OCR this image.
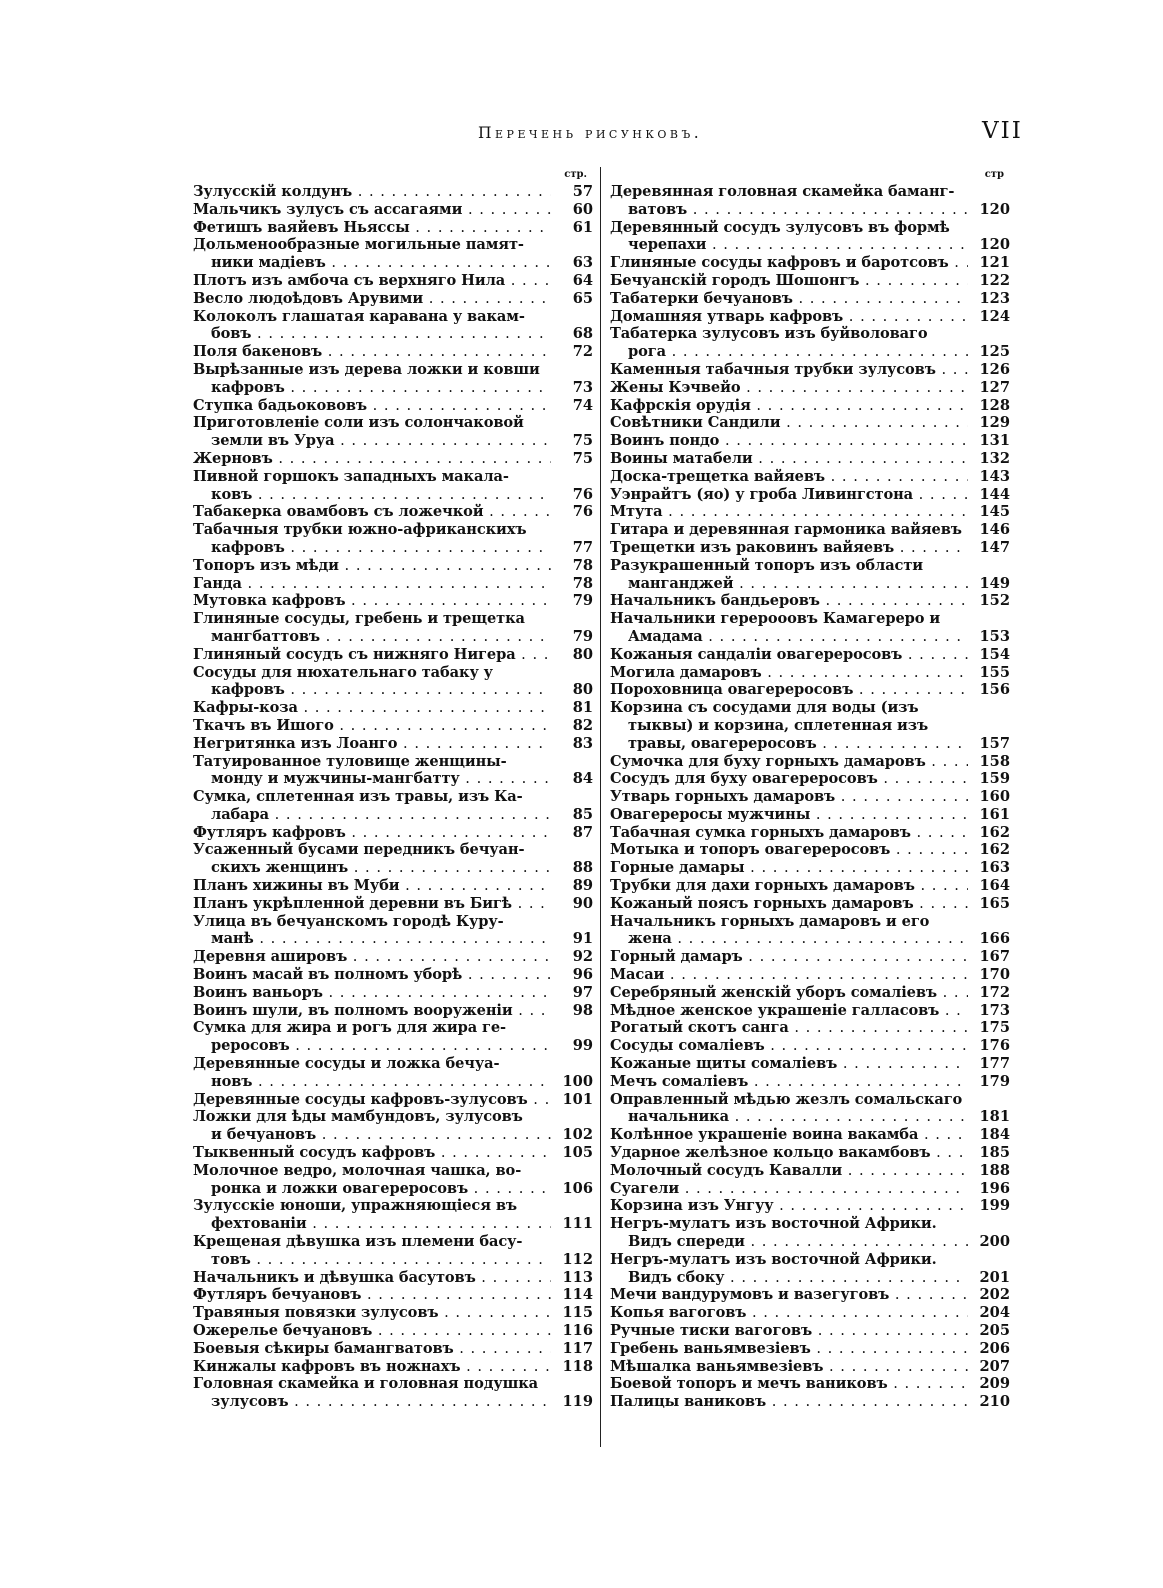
Перечень рисунковъ.	VII
стр.
Зулусскій колдунъ . . .	57
Мальчикъ зулусъ съ ассагаями . . .	60
Фетишъ ваяйевъ Ньяссы . . .	61
Дольменообразные могильные памят-
ники мадіевъ . . .	63
Плотъ изъ амбоча съ верхняго Нила . . .	64
Весло людоѣдовъ Арувими . . .	65
Колоколъ глашатая каравана у вакам-
бовъ . . .	68
Поля бакеновъ . . .	72
Вырѣзанные изъ дерева ложки и ковши
кафровъ . . .	73
Ступка бадьокововъ . . .	74
Приготовленіе соли изъ солончаковой
земли въ Уруа . . .	75
Жерновъ . . .	75
Пивной горшокъ западныхъ макала-
ковъ . . .	76
Табакерка овамбовъ съ ложечкой . . .	76
Табачныя трубки южно-африканскихъ
кафровъ . . .	77
Топоръ изъ мѣди . . .	78
Ганда . . .	78
Мутовка кафровъ . . .	79
Глиняные сосуды, гребень и трещетка
мангбаттовъ . . .	79
Глиняный сосудъ съ нижняго Нигера . . .	80
Сосуды для нюхательнаго табаку у
кафровъ . . .	80
Кафры-коза . . .	81
Ткачъ въ Ишого . . .	82
Негритянка изъ Лоанго . . .	83
Татуированное туловище женщины-
монду и мужчины-мангбатту . . .	84
Сумка, сплетенная изъ травы, изъ Ка-
лабара . . .	85
Футляръ кафровъ . . .	87
Усаженный бусами передникъ бечуан-
скихъ женщинъ . . .	88
Планъ хижины въ Муби . . .	89
Планъ укрѣпленной деревни въ Бигѣ . . .	90
Улица въ бечуанскомъ городѣ Куру-
манѣ . . .	91
Деревня ашировъ . . .	92
Воинъ масай въ полномъ уборѣ . . .	96
Воинъ ваньоръ . . .	97
Воинъ шули, въ полномъ вооруженіи . . .	98
Сумка для жира и рогъ для жира ге-
реросовъ . . .	99
Деревянные сосуды и ложка бечуа-
новъ . . .	100
Деревянные сосуды кафровъ-зулусовъ . . .	101
Ложки для ѣды мамбундовъ, зулусовъ
и бечуановъ . . .	102
Тыквенный сосудъ кафровъ . . .	105
Молочное ведро, молочная чашка, во-
ронка и ложки овагереросовъ . . .	106
Зулусскіе юноши, упражняющіеся въ
фехтованіи . . .	111
Крещеная дѣвушка изъ племени басу-
товъ . . .	112
Начальникъ и дѣвушка басутовъ . . .	113
Футляръ бечуановъ . . .	114
Травяныя повязки зулусовъ . . .	115
Ожерелье бечуановъ . . .	116
Боевыя сѣкиры бамангватовъ . . .	117
Кинжалы кафровъ въ ножнахъ . . .	118
Головная скамейка и головная подушка
зулусовъ . . .	119
стр
Деревянная головная скамейка баманг-
ватовъ . . .	120
Деревянный сосудъ зулусовъ въ формѣ
черепахи . . .	120
Глиняные сосуды кафровъ и баротсовъ . . .	121
Бечуанскій городъ Шошонгъ . . .	122
Табатерки бечуановъ . . .	123
Домашняя утварь кафровъ . . .	124
Табатерка зулусовъ изъ буйволоваго
рога . . .	125
Каменныя табачныя трубки зулусовъ . . .	126
Жены Кэчвейо . . .	127
Кафрскія орудія . . .	128
Совѣтники Сандили . . .	129
Воинъ пондо . . .	131
Воины матабели . . .	132
Доска-трещетка вайяевъ . . .	143
Уэнрайтъ (яо) у гроба Ливингстона . . .	144
Мтута . . .	145
Гитара и деревянная гармоника вайяевъ . . .	146
Трещетки изъ раковинъ вайяевъ . . .	147
Разукрашенный топоръ изъ области
манганджей . . .	149
Начальникъ бандьеровъ . . .	152
Начальники герерооовъ Камагереро и
Амадама . . .	153
Кожаныя сандаліи овагереросовъ . . .	154
Могила дамаровъ . . .	155
Пороховница овагереросовъ . . .	156
Корзина съ сосудами для воды (изъ
тыквы) и корзина, сплетенная изъ
травы, овагереросовъ . . .	157
Сумочка для буху горныхъ дамаровъ . . .	158
Сосудъ для буху овагереросовъ . . .	159
Утварь горныхъ дамаровъ . . .	160
Овагереросы мужчины . . .	161
Табачная сумка горныхъ дамаровъ . . .	162
Мотыка и топоръ овагереросовъ . . .	162
Горные дамары . . .	163
Трубки для дахи горныхъ дамаровъ . . .	164
Кожаный поясъ горныхъ дамаровъ . . .	165
Начальникъ горныхъ дамаровъ и его
жена . . .	166
Горный дамаръ . . .	167
Масаи . . .	170
Серебряный женскій уборъ сомаліевъ . . .	172
Мѣдное женское украшеніе галласовъ . . .	173
Рогатый скотъ санга . . .	175
Сосуды сомаліевъ . . .	176
Кожаные щиты сомаліевъ . . .	177
Мечъ сомаліевъ . . .	179
Оправленный мѣдью жезлъ сомальскаго
начальника . . .	181
Колѣнное украшеніе воина вакамба . . .	184
Ударное желѣзное кольцо вакамбовъ . . .	185
Молочный сосудъ Кавалли . . .	188
Суагели . . .	196
Корзина изъ Унгуу . . .	199
Негръ-мулатъ изъ восточной Африки.
Видъ спереди . . .	200
Негръ-мулатъ изъ восточной Африки.
Видъ сбоку . . .	201
Мечи вандурумовъ и вазегуговъ . . .	202
Копья вагоговъ . . .	204
Ручные тиски вагоговъ . . .	205
Гребень ваньямвезіевъ . . .	206
Мѣшалка ваньямвезіевъ . . .	207
Боевой топоръ и мечъ ваниковъ . . .	209
Палицы ваниковъ . . .	210
